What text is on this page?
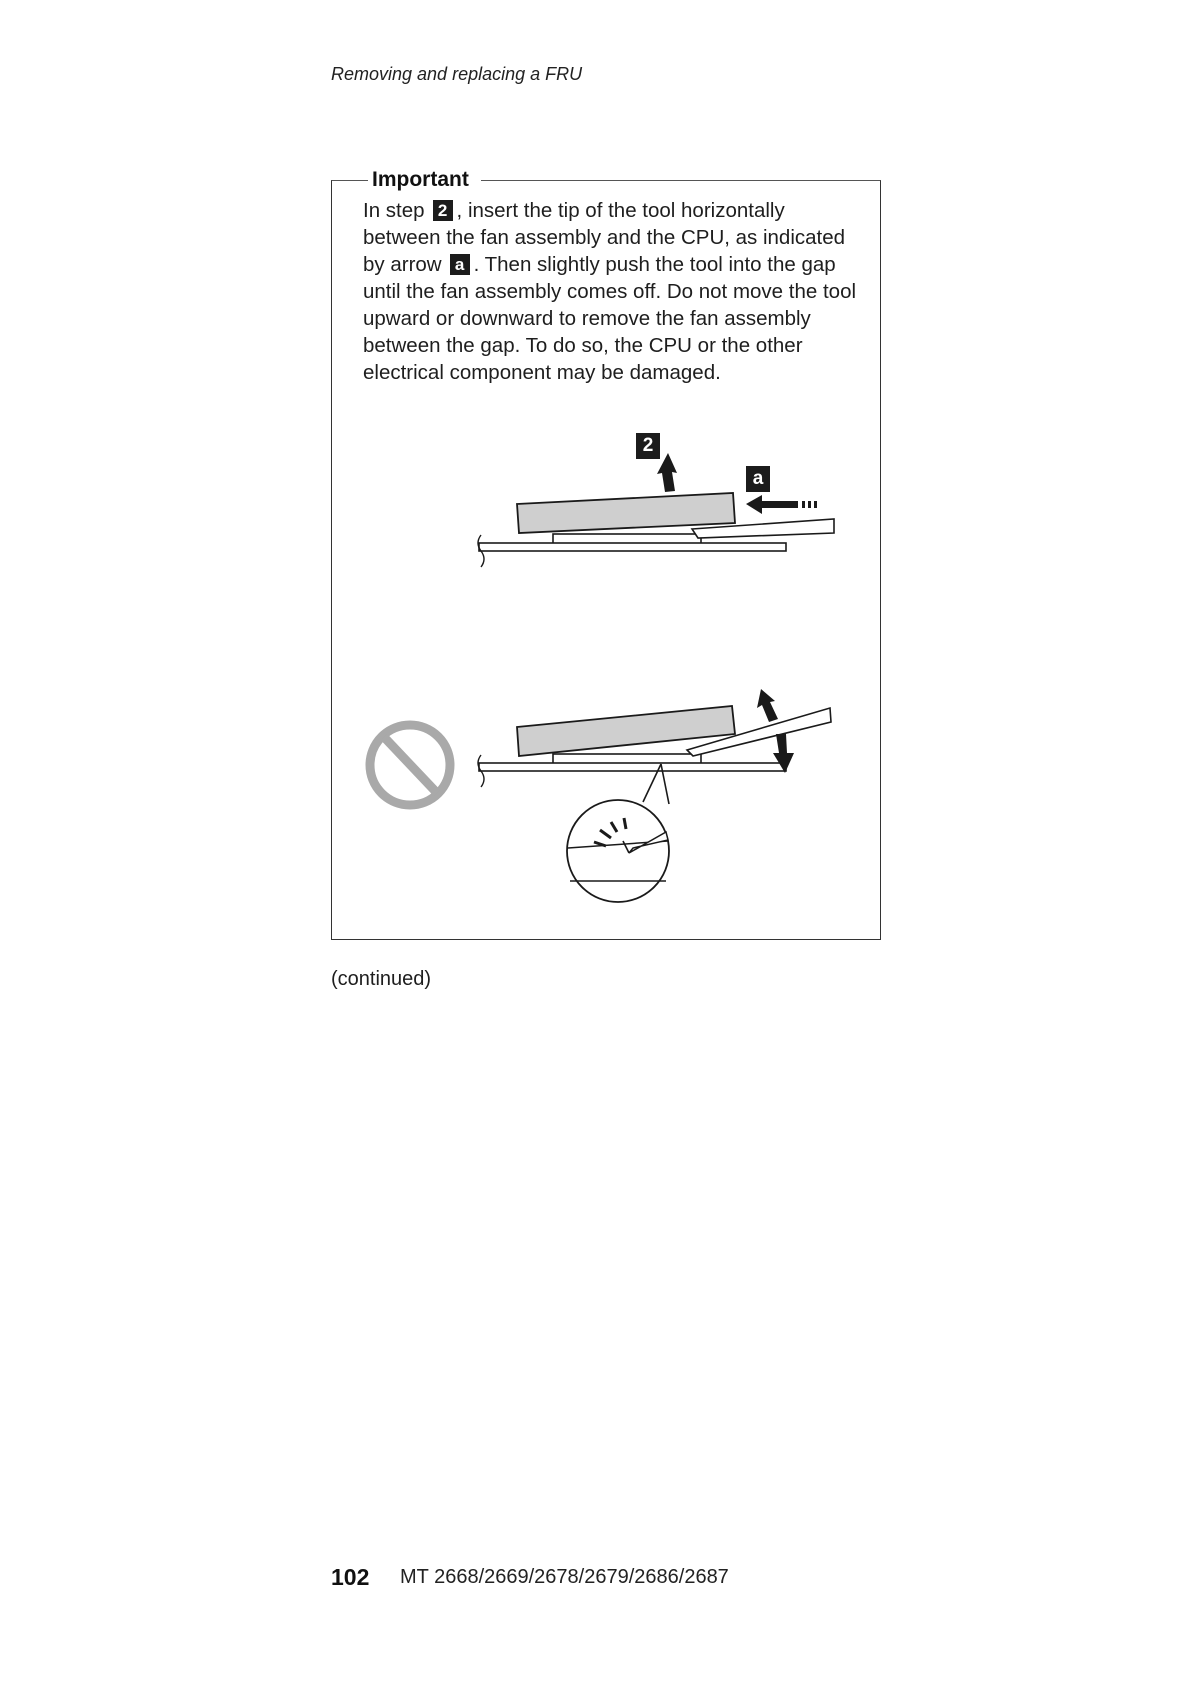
Removing and replacing a FRU
Important
In step 2 , insert the tip of the tool horizontally between the fan assembly and the CPU, as indicated by arrow a . Then slightly push the tool into the gap until the fan assembly comes off. Do not move the tool upward or downward to remove the fan assembly between the gap. To do so, the CPU or the other electrical component may be damaged.
2
a
(continued)
102 MT 2668/2669/2678/2679/2686/2687
